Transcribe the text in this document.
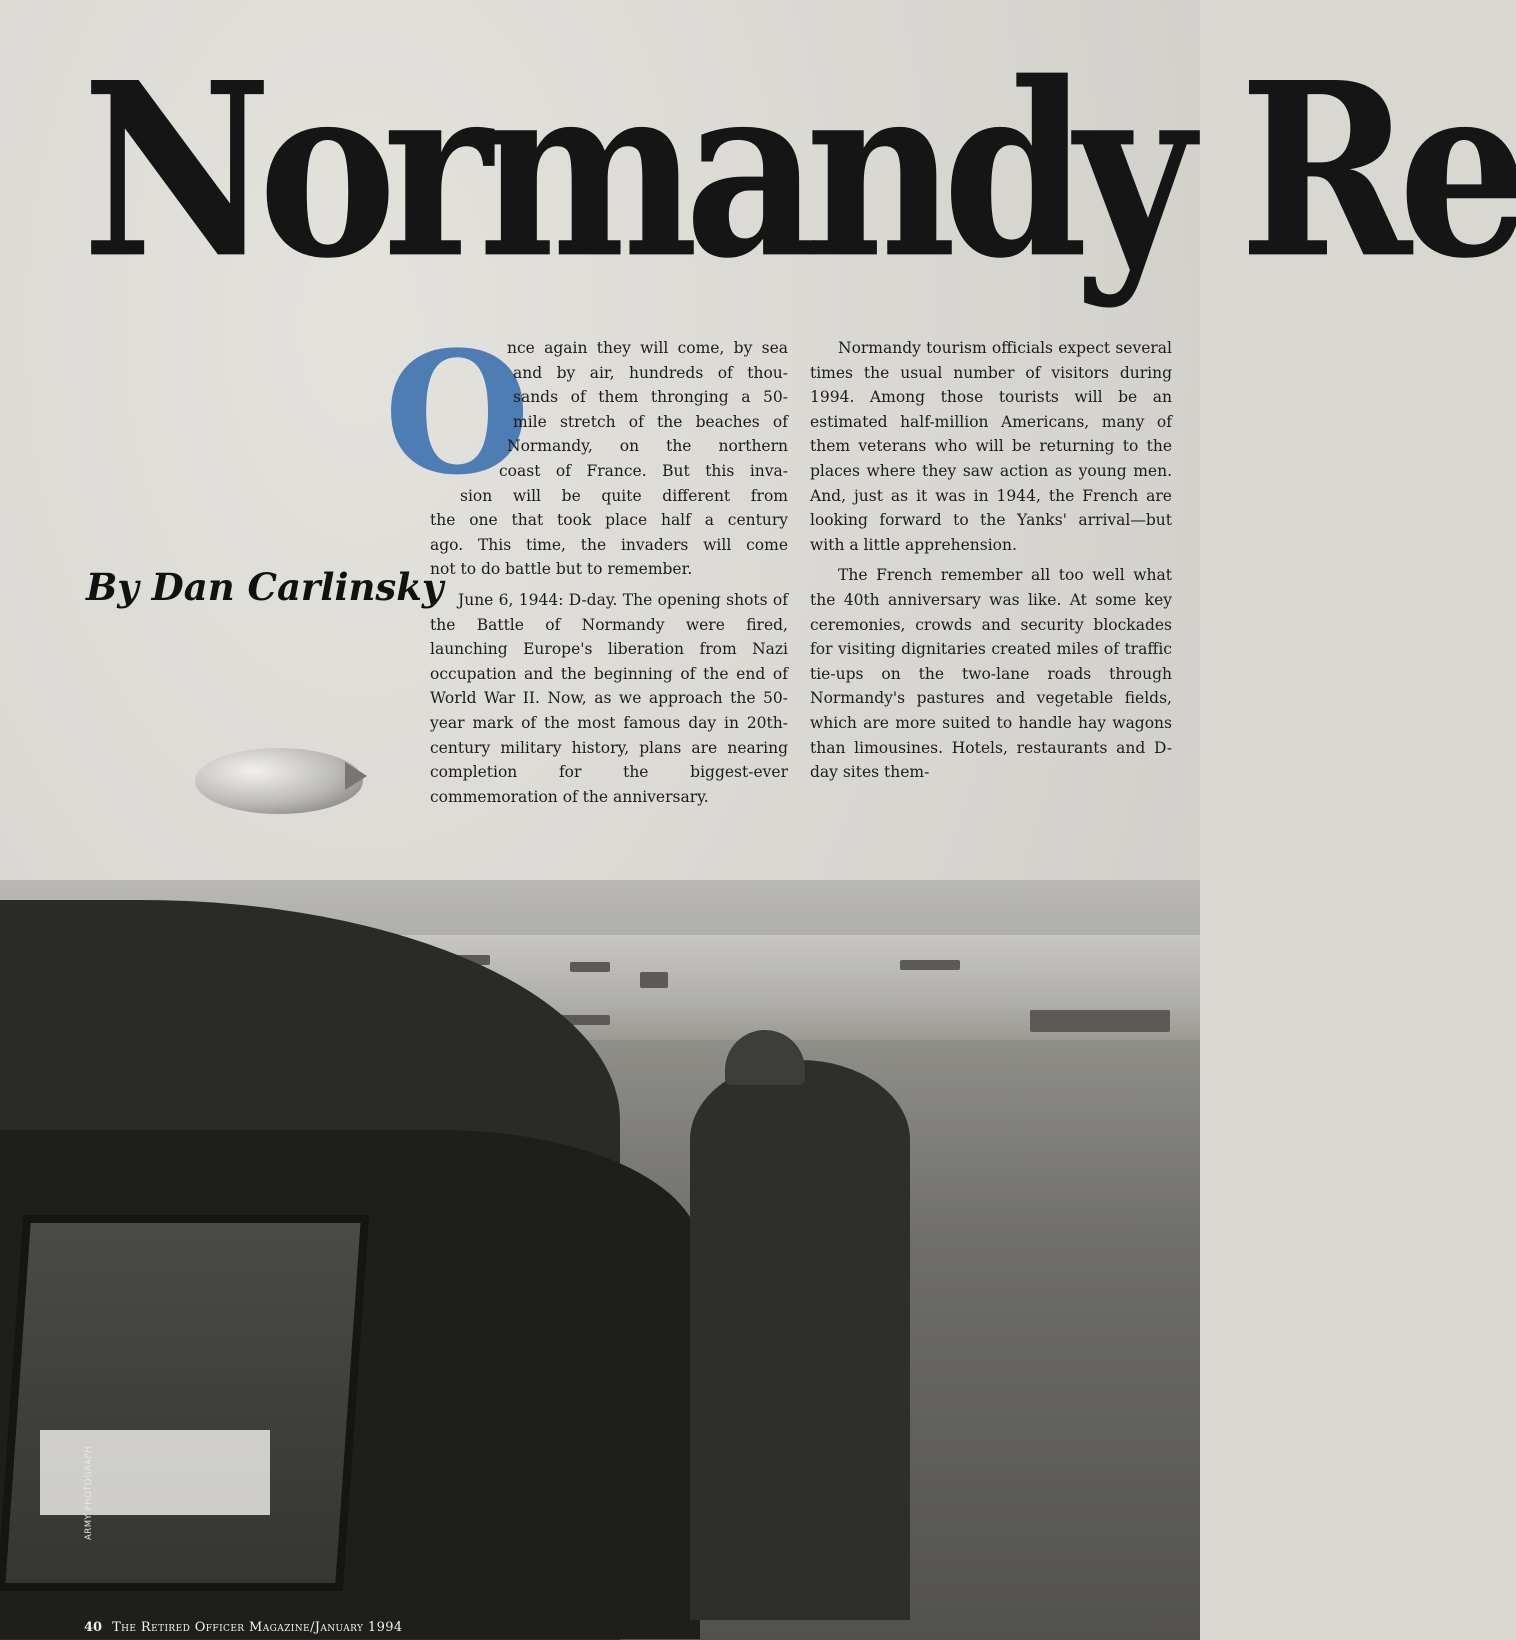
Normandy Re
By Dan Carlinsky
O
nce again they will come, by sea
and by air, hundreds of thou-
sands of them thronging a 50-
mile stretch of the beaches of
Normandy, on the northern
coast of France. But this inva-
sion will be quite different from
the one that took place half a century
ago. This time, the invaders will come
not to do battle but to remember.

June 6, 1944: D-day. The opening shots of the Battle of Normandy were fired, launching Europe's liberation from Nazi occupation and the beginning of the end of World War II. Now, as we approach the 50-year mark of the most famous day in 20th-century military history, plans are nearing completion for the biggest-ever commemoration of the anniversary.

Normandy tourism officials expect several times the usual number of visitors during 1994. Among those tourists will be an estimated half-million Americans, many of them veterans who will be returning to the places where they saw action as young men. And, just as it was in 1944, the French are looking forward to the Yanks' arrival—but with a little apprehension.

The French remember all too well what the 40th anniversary was like. At some key ceremonies, crowds and security blockades for visiting dignitaries created miles of traffic tie-ups on the two-lane roads through Normandy's pastures and vegetable fields, which are more suited to handle hay wagons than limousines. Hotels, restaurants and D-day sites them-

ARMY PHOTOGRAPH
40 The Retired Officer Magazine/January 1994
